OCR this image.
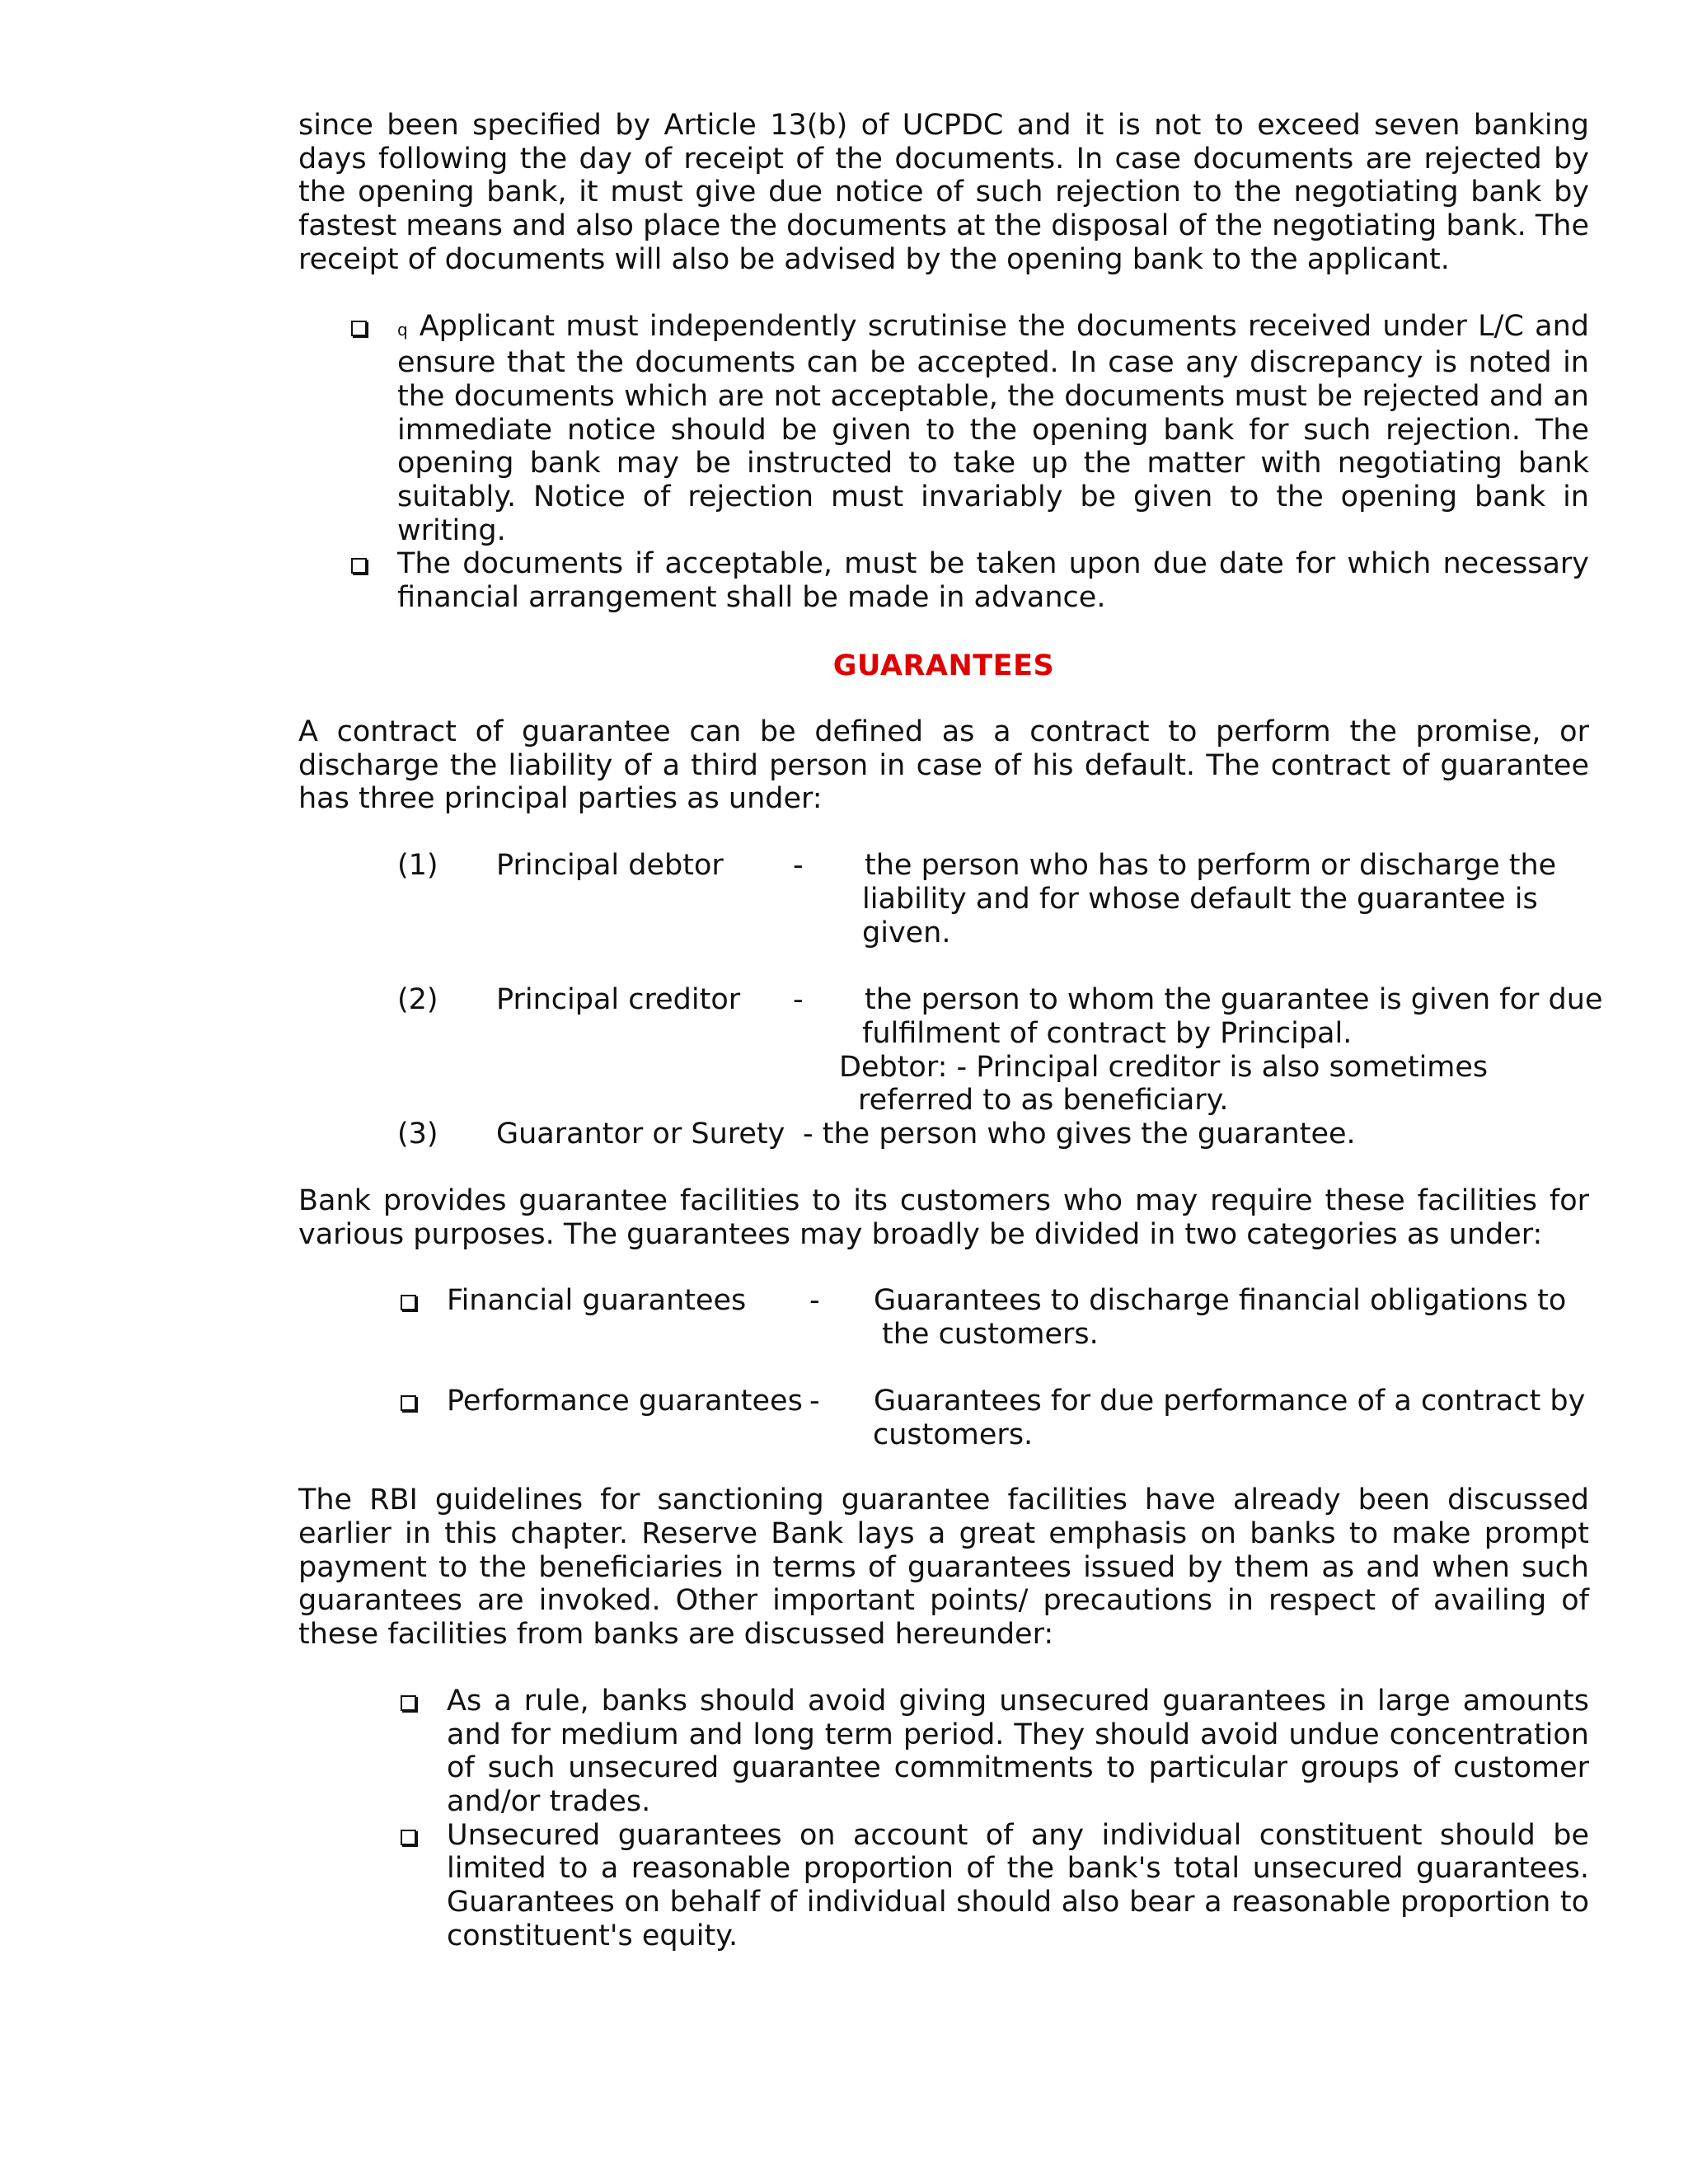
since been specified by Article 13(b) of UCPDC and it is not to exceed seven banking days following the day of receipt of the documents. In case documents are rejected by the opening bank, it must give due notice of such rejection to the negotiating bank by fastest means and also place the documents at the disposal of the negotiating bank. The receipt of documents will also be advised by the opening bank to the applicant.

q Applicant must independently scrutinise the documents received under L/C and ensure that the documents can be accepted. In case any discrepancy is noted in the documents which are not acceptable, the documents must be rejected and an immediate notice should be given to the opening bank for such rejection. The opening bank may be instructed to take up the matter with negotiating bank suitably. Notice of rejection must invariably be given to the opening bank in writing.
The documents if acceptable, must be taken upon due date for which necessary financial arrangement shall be made in advance.

GUARANTEES

A contract of guarantee can be defined as a contract to perform the promise, or discharge the liability of a third person in case of his default. The contract of guarantee has three principal parties as under:

(1) Principal debtor - the person who has to perform or discharge the
liability and for whose default the guarantee is
given.
(2) Principal creditor - the person to whom the guarantee is given for due
fulfilment of contract by Principal.
Debtor: - Principal creditor is also sometimes
referred to as beneficiary.
(3) Guarantor or Surety - the person who gives the guarantee.

Bank provides guarantee facilities to its customers who may require these facilities for various purposes. The guarantees may broadly be divided in two categories as under:

Financial guarantees - Guarantees to discharge financial obligations to
the customers.
Performance guarantees - Guarantees for due performance of a contract by
customers.

The RBI guidelines for sanctioning guarantee facilities have already been discussed earlier in this chapter. Reserve Bank lays a great emphasis on banks to make prompt payment to the beneficiaries in terms of guarantees issued by them as and when such guarantees are invoked. Other important points/ precautions in respect of availing of these facilities from banks are discussed hereunder:

As a rule, banks should avoid giving unsecured guarantees in large amounts and for medium and long term period. They should avoid undue concentration of such unsecured guarantee commitments to particular groups of customer and/or trades.
Unsecured guarantees on account of any individual constituent should be limited to a reasonable proportion of the bank's total unsecured guarantees. Guarantees on behalf of individual should also bear a reasonable proportion to constituent's equity.
